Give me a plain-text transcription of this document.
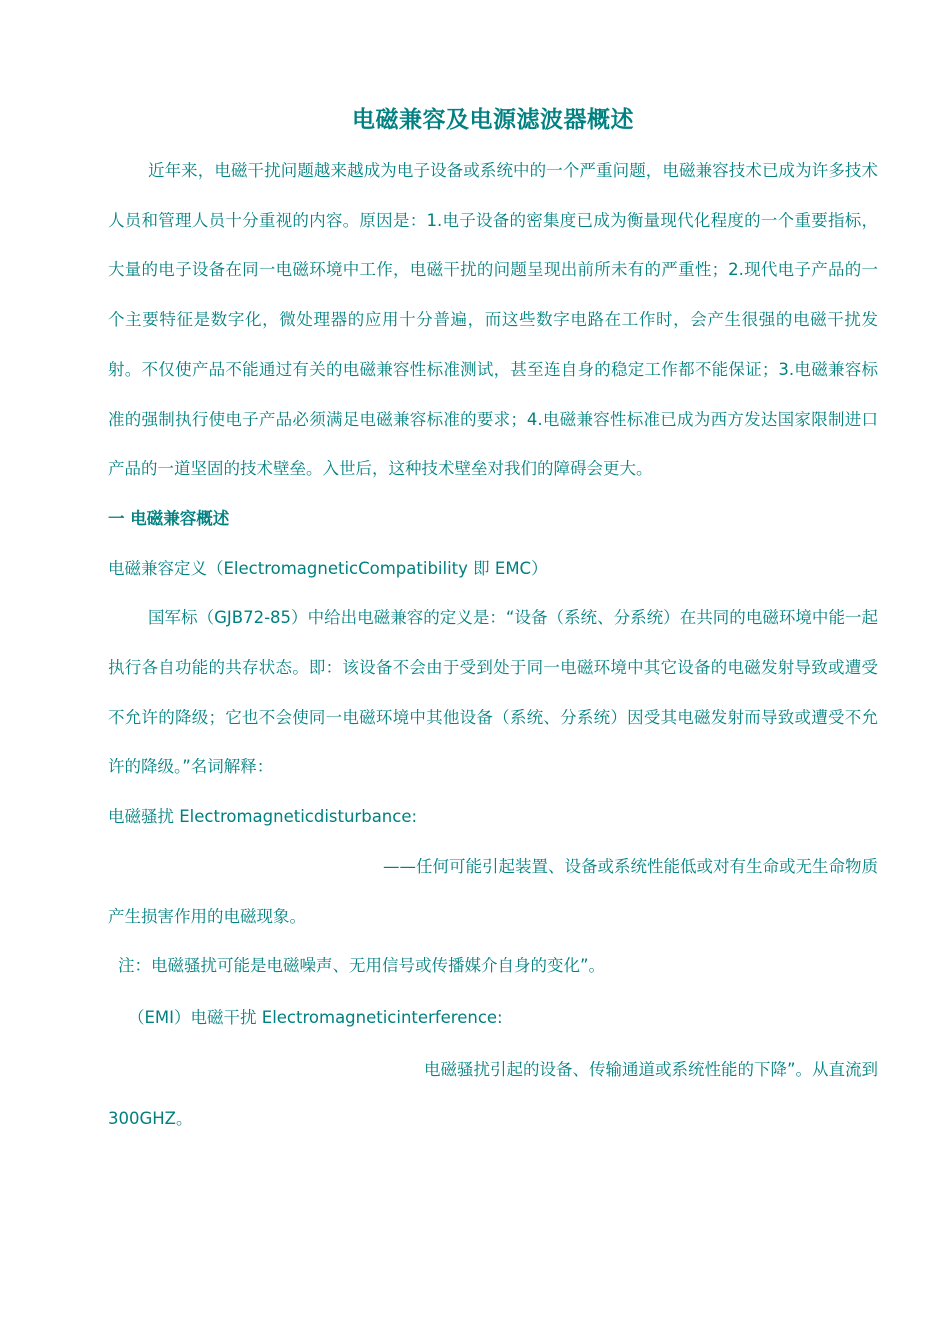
电磁兼容及电源滤波器概述

近年来，电磁干扰问题越来越成为电子设备或系统中的一个严重问题，电磁兼容技术已成为许多技术人员和管理人员十分重视的内容。原因是：1.电子设备的密集度已成为衡量现代化程度的一个重要指标，大量的电子设备在同一电磁环境中工作，电磁干扰的问题呈现出前所未有的严重性；2.现代电子产品的一个主要特征是数字化，微处理器的应用十分普遍，而这些数字电路在工作时，会产生很强的电磁干扰发射。不仅使产品不能通过有关的电磁兼容性标准测试，甚至连自身的稳定工作都不能保证；3.电磁兼容标准的强制执行使电子产品必须满足电磁兼容标准的要求；4.电磁兼容性标准已成为西方发达国家限制进口产品的一道坚固的技术壁垒。入世后，这种技术壁垒对我们的障碍会更大。

一 电磁兼容概述

电磁兼容定义（ElectromagneticCompatibility 即 EMC）

国军标（GJB72-85）中给出电磁兼容的定义是：“设备（系统、分系统）在共同的电磁环境中能一起执行各自功能的共存状态。即：该设备不会由于受到处于同一电磁环境中其它设备的电磁发射导致或遭受不允许的降级；它也不会使同一电磁环境中其他设备（系统、分系统）因受其电磁发射而导致或遭受不允许的降级。”名词解释：

电磁骚扰 Electromagneticdisturbance:

——任何可能引起装置、设备或系统性能低或对有生命或无生命物质

产生损害作用的电磁现象。

注：电磁骚扰可能是电磁噪声、无用信号或传播媒介自身的变化”。

（EMI）电磁干扰 Electromagneticinterference:

电磁骚扰引起的设备、传输通道或系统性能的下降”。从直流到

300GHZ。
